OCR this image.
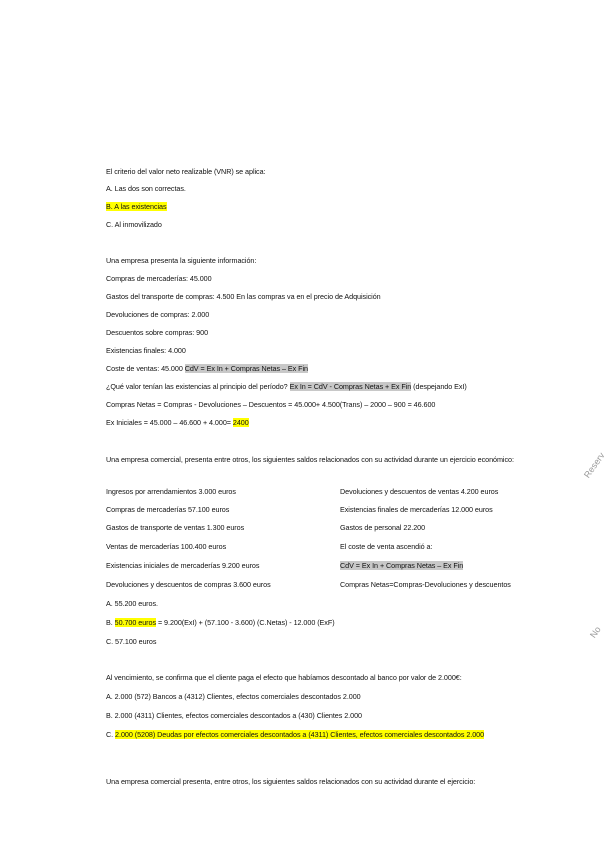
El criterio del valor neto realizable (VNR) se aplica:
A. Las dos son correctas.
B. A las existencias
C. Al inmovilizado
Una empresa presenta la siguiente información:
Compras de mercaderías: 45.000
Gastos del transporte de compras: 4.500 En las compras va en el precio de Adquisición
Devoluciones de compras: 2.000
Descuentos sobre compras: 900
Existencias finales: 4.000
Coste de ventas: 45.000 CdV = Ex In + Compras Netas – Ex Fin
¿Qué valor tenían las existencias al principio del período? Ex In = CdV - Compras Netas + Ex Fin (despejando ExI)
Compras Netas = Compras - Devoluciones – Descuentos = 45.000+ 4.500(Trans) – 2000 – 900 = 46.600
Ex Iniciales = 45.000 – 46.600 + 4.000= 2400
Una empresa comercial, presenta entre otros, los siguientes saldos relacionados con su actividad durante un ejercicio económico:
Ingresos por arrendamientos 3.000 euros
Compras de mercaderías 57.100 euros
Gastos de transporte de ventas 1.300 euros
Ventas de mercaderías 100.400 euros
Existencias iniciales de mercaderías 9.200 euros
Devoluciones y descuentos de compras 3.600 euros
Devoluciones y descuentos de ventas 4.200 euros
Existencias finales de mercaderías 12.000 euros
Gastos de personal 22.200
El coste de venta ascendió a:
CdV = Ex In + Compras Netas – Ex Fin
Compras Netas=Compras-Devoluciones y descuentos
A. 55.200 euros.
B. 50.700 euros = 9.200(ExI) + (57.100 - 3.600) (C.Netas) - 12.000 (ExF)
C. 57.100 euros
Al vencimiento, se confirma que el cliente paga el efecto que habíamos descontado al banco por valor de 2.000€:
A. 2.000 (572) Bancos a (4312) Clientes, efectos comerciales descontados 2.000
B. 2.000 (4311) Clientes, efectos comerciales descontados a (430) Clientes 2.000
C. 2.000 (5208) Deudas por efectos comerciales descontados a (4311) Clientes, efectos comerciales descontados 2.000
Una empresa comercial presenta, entre otros, los siguientes saldos relacionados con su actividad durante el ejercicio:
Reserv
No
